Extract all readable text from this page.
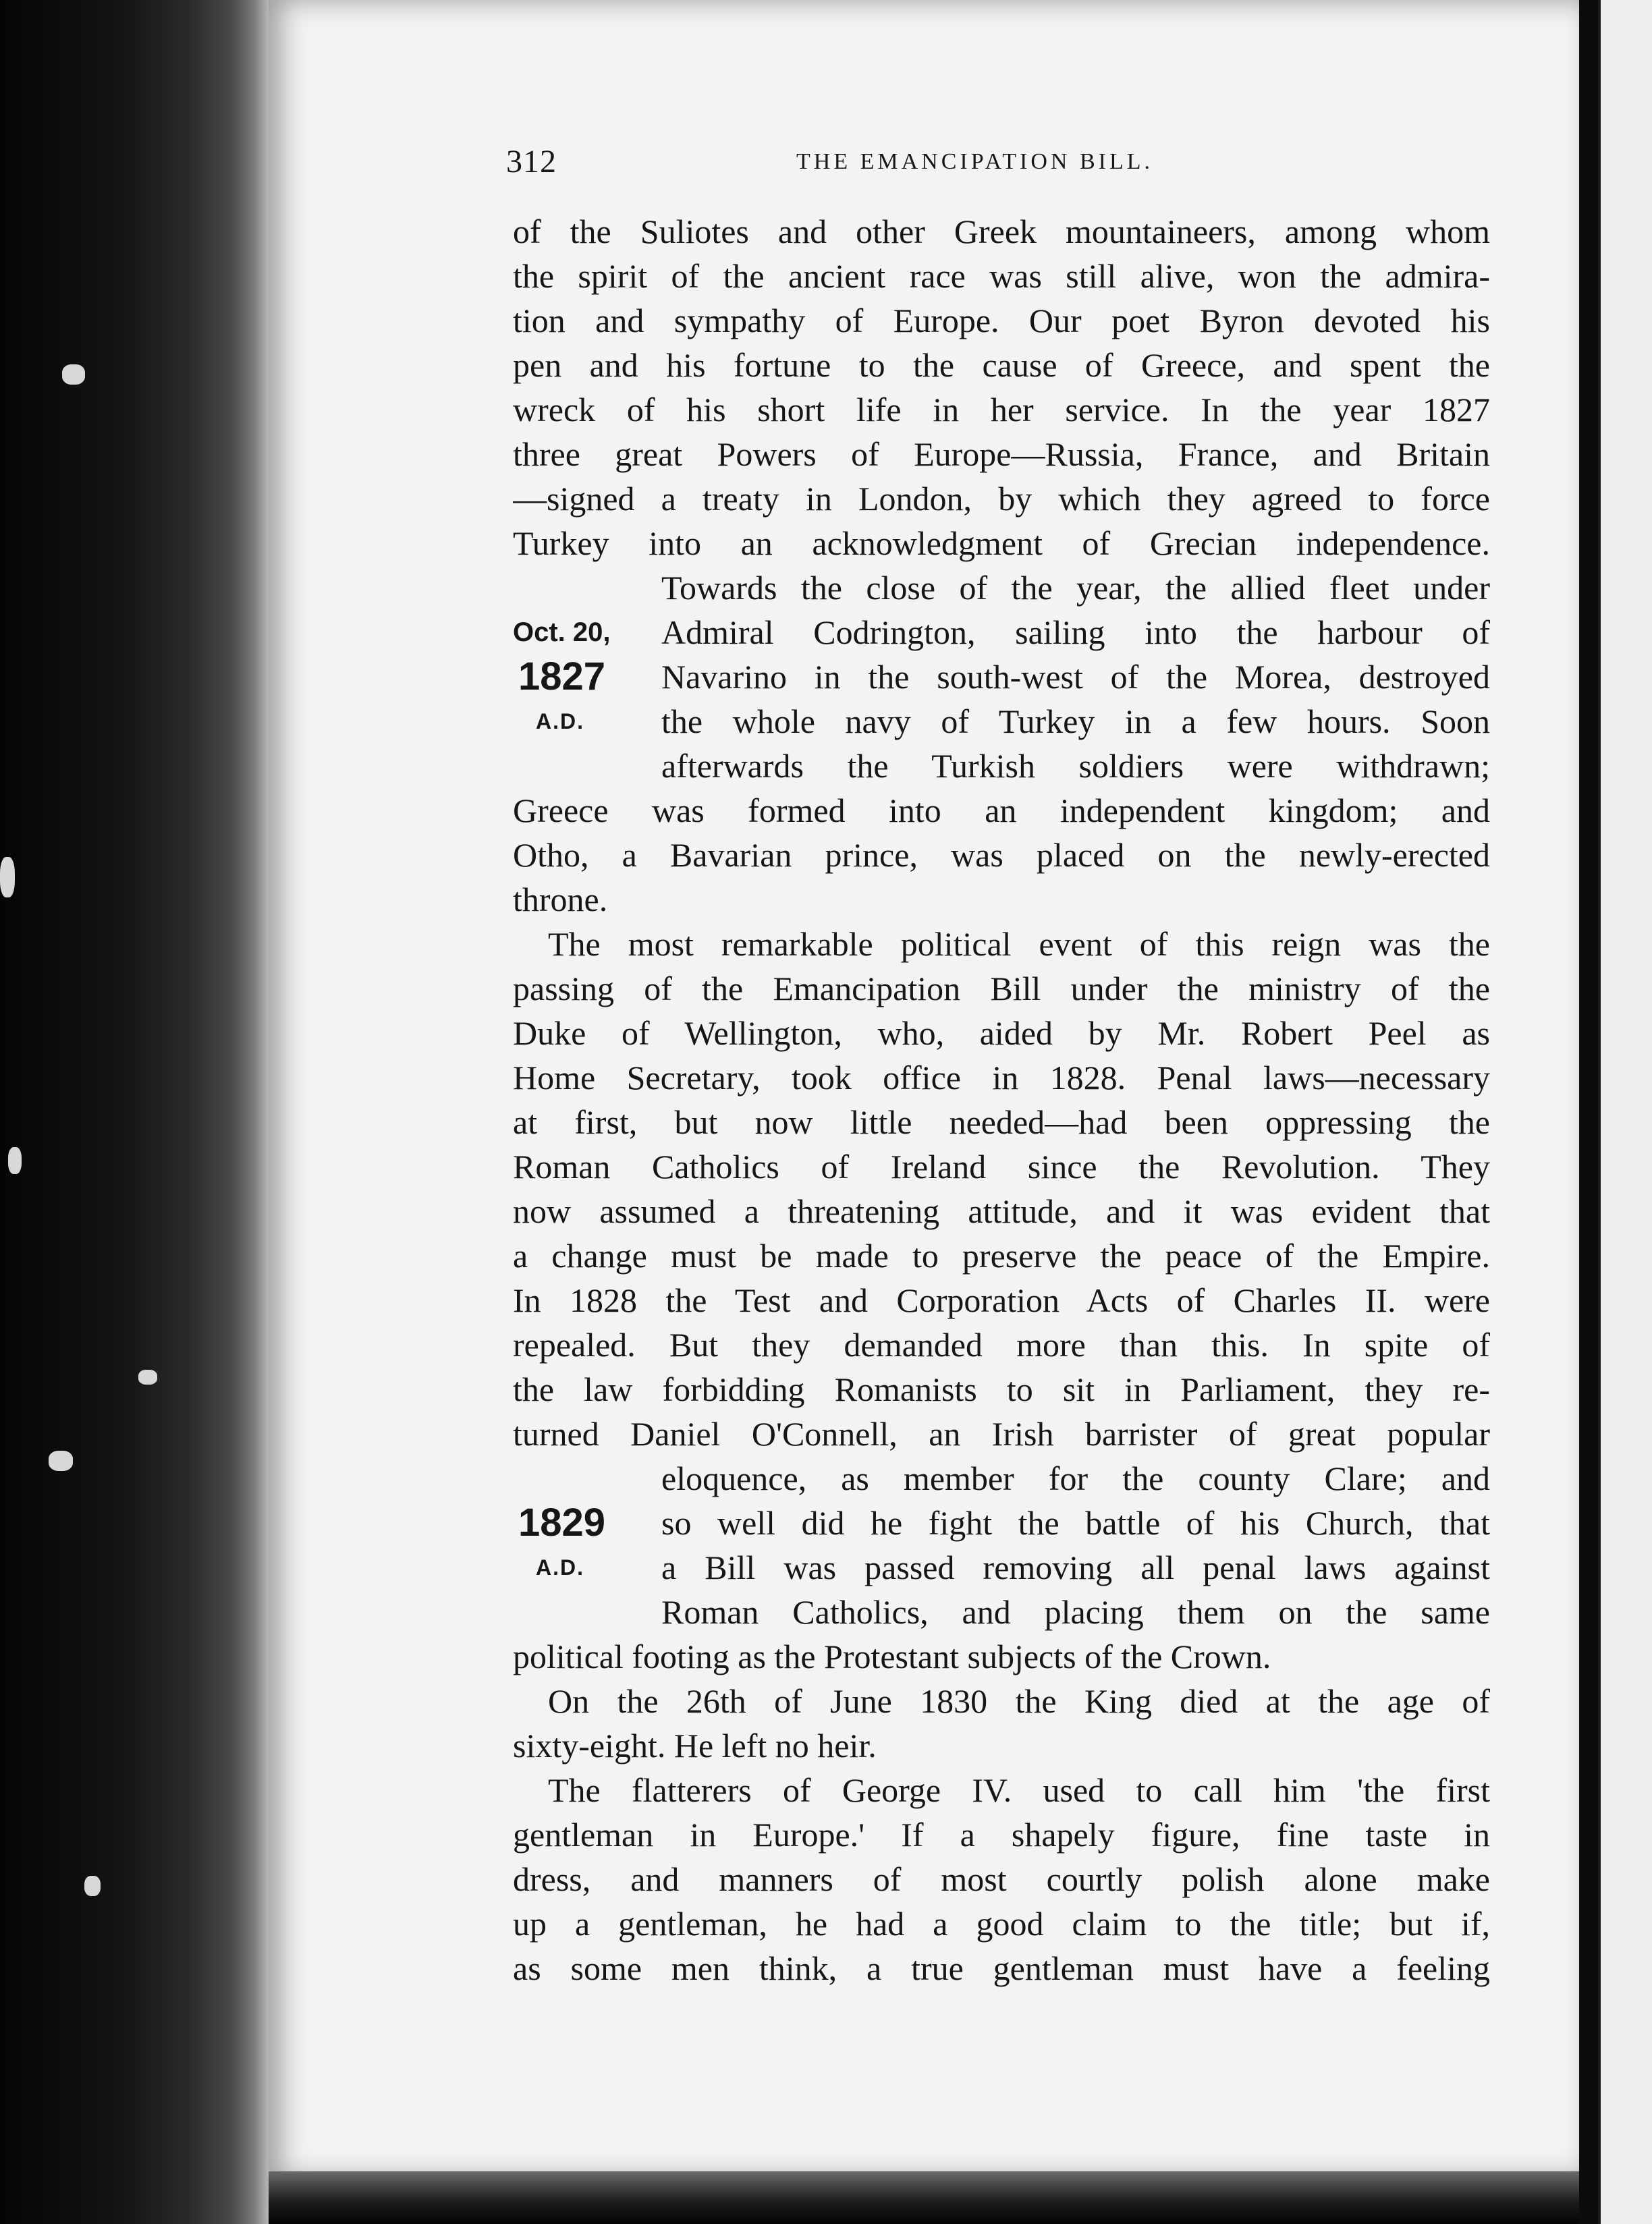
312	THE EMANCIPATION BILL.
of the Suliotes and other Greek mountaineers, among whom
the spirit of the ancient race was still alive, won the admira-
tion and sympathy of Europe. Our poet Byron devoted his
pen and his fortune to the cause of Greece, and spent the
wreck of his short life in her service. In the year 1827
three great Powers of Europe—Russia, France, and Britain
—signed a treaty in London, by which they agreed to force
Turkey into an acknowledgment of Grecian independence.
Towards the close of the year, the allied fleet under
Admiral Codrington, sailing into the harbour of
Navarino in the south-west of the Morea, destroyed
the whole navy of Turkey in a few hours. Soon
afterwards the Turkish soldiers were withdrawn;
Greece was formed into an independent kingdom; and
Otho, a Bavarian prince, was placed on the newly-erected
throne.
The most remarkable political event of this reign was the
passing of the Emancipation Bill under the ministry of the
Duke of Wellington, who, aided by Mr. Robert Peel as
Home Secretary, took office in 1828. Penal laws—necessary
at first, but now little needed—had been oppressing the
Roman Catholics of Ireland since the Revolution. They
now assumed a threatening attitude, and it was evident that
a change must be made to preserve the peace of the Empire.
In 1828 the Test and Corporation Acts of Charles II. were
repealed. But they demanded more than this. In spite of
the law forbidding Romanists to sit in Parliament, they re-
turned Daniel O'Connell, an Irish barrister of great popular
eloquence, as member for the county Clare; and
so well did he fight the battle of his Church, that
a Bill was passed removing all penal laws against
Roman Catholics, and placing them on the same
political footing as the Protestant subjects of the Crown.
On the 26th of June 1830 the King died at the age of
sixty-eight. He left no heir.
The flatterers of George IV. used to call him 'the first
gentleman in Europe.' If a shapely figure, fine taste in
dress, and manners of most courtly polish alone make
up a gentleman, he had a good claim to the title; but if,
as some men think, a true gentleman must have a feeling
Oct. 20,
1827
A.D.
1829
A.D.
